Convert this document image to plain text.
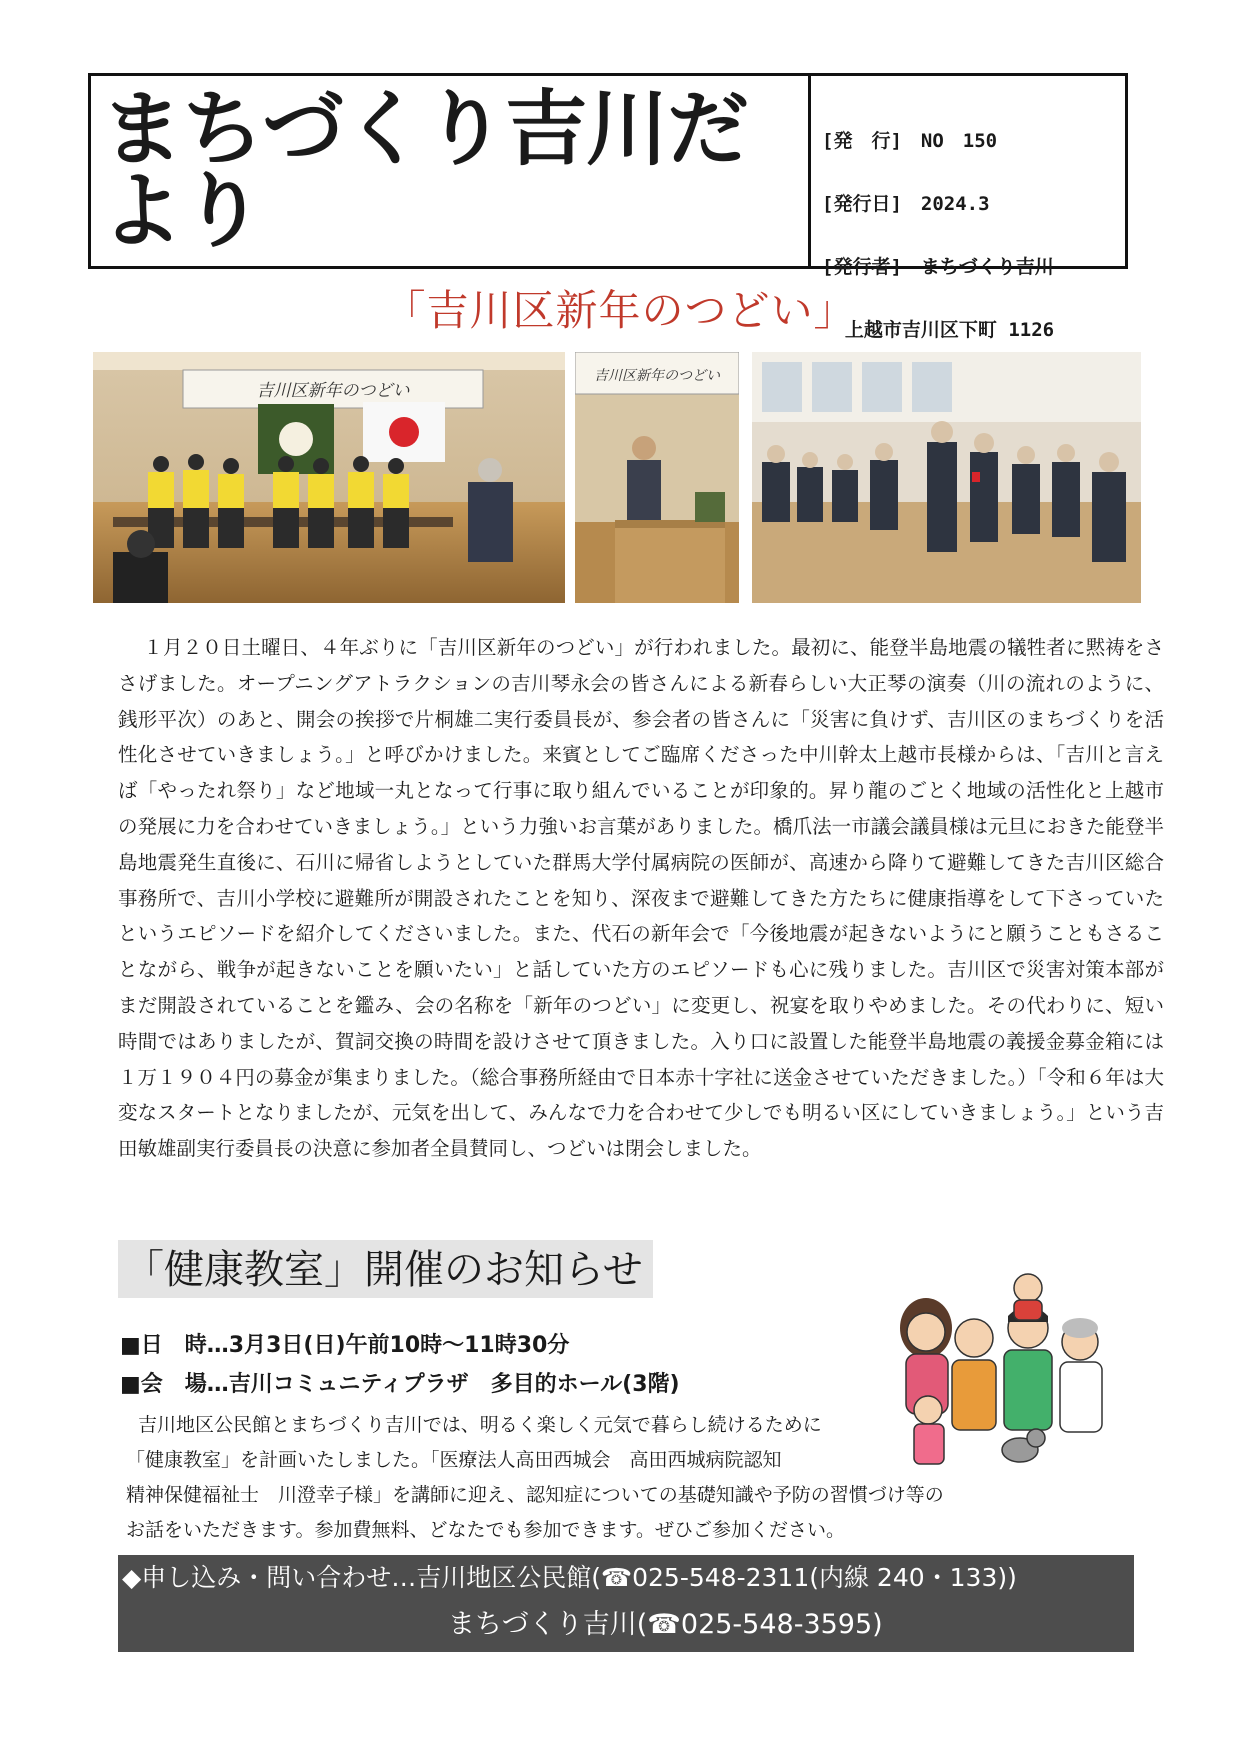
まちづくり吉川だより

[発　行]　NO　150

[発行日]　2024.3

[発行者]　まちづくり吉川

上越市吉川区下町 1126

「吉川区新年のつどい」
吉川区新年のつどい
吉川区新年のつどい
１月２０日土曜日、４年ぶりに「吉川区新年のつどい」が行われました。最初に、能登半島地震の犠牲者に黙祷をささげました。オープニングアトラクションの吉川琴永会の皆さんによる新春らしい大正琴の演奏（川の流れのように、銭形平次）のあと、開会の挨拶で片桐雄二実行委員長が、参会者の皆さんに「災害に負けず、吉川区のまちづくりを活性化させていきましょう。」と呼びかけました。来賓としてご臨席くださった中川幹太上越市長様からは、「吉川と言えば「やったれ祭り」など地域一丸となって行事に取り組んでいることが印象的。昇り龍のごとく地域の活性化と上越市の発展に力を合わせていきましょう。」という力強いお言葉がありました。橋爪法一市議会議員様は元旦におきた能登半島地震発生直後に、石川に帰省しようとしていた群馬大学付属病院の医師が、高速から降りて避難してきた吉川区総合事務所で、吉川小学校に避難所が開設されたことを知り、深夜まで避難してきた方たちに健康指導をして下さっていたというエピソードを紹介してくださいました。また、代石の新年会で「今後地震が起きないようにと願うこともさることながら、戦争が起きないことを願いたい」と話していた方のエピソードも心に残りました。吉川区で災害対策本部がまだ開設されていることを鑑み、会の名称を「新年のつどい」に変更し、祝宴を取りやめました。その代わりに、短い時間ではありましたが、賀詞交換の時間を設けさせて頂きました。入り口に設置した能登半島地震の義援金募金箱には１万１９０４円の募金が集まりました。（総合事務所経由で日本赤十字社に送金させていただきました。）「令和６年は大変なスタートとなりましたが、元気を出して、みんなで力を合わせて少しでも明るい区にしていきましょう。」という吉田敏雄副実行委員長の決意に参加者全員賛同し、つどいは閉会しました。
「健康教室」開催のお知らせ
■日　時…3月3日(日)午前10時～11時30分
■会　場…吉川コミュニティプラザ　多目的ホール(3階)
吉川地区公民館とまちづくり吉川では、明るく楽しく元気で暮らし続けるために
「健康教室」を計画いたしました。「医療法人高田西城会　高田西城病院認知
精神保健福祉士　川澄幸子様」を講師に迎え、認知症についての基礎知識や予防の習慣づけ等の
お話をいただきます。参加費無料、どなたでも参加できます。ぜひご参加ください。
◆申し込み・問い合わせ…吉川地区公民館(☎025-548-2311(内線 240・133))
まちづくり吉川(☎025-548-3595)
